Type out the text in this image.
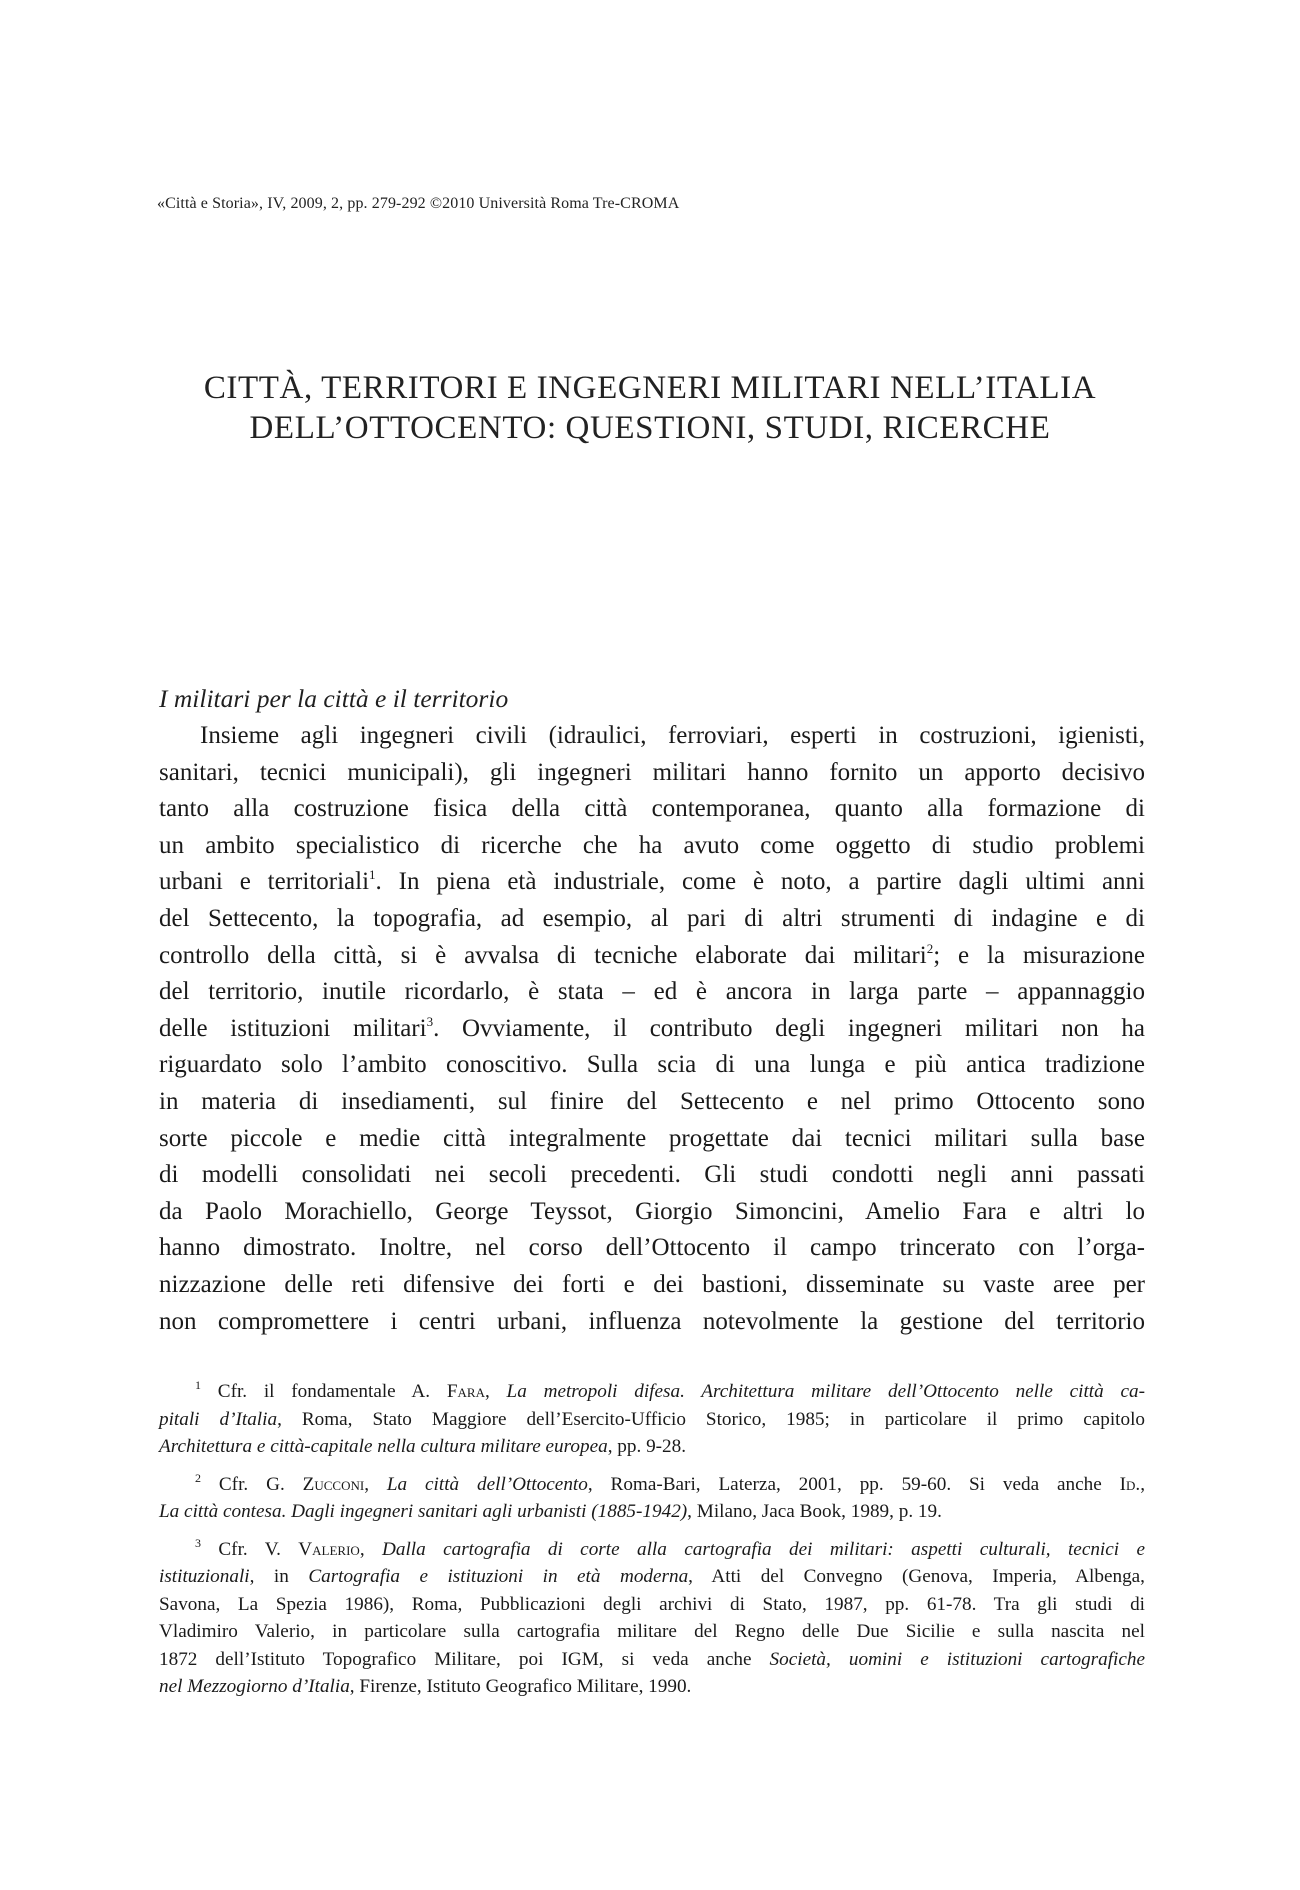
«Città e Storia», IV, 2009, 2, pp. 279-292 ©2010 Università Roma Tre-CROMA
CITTÀ, TERRITORI E INGEGNERI MILITARI NELL’ITALIA
DELL’OTTOCENTO: QUESTIONI, STUDI, RICERCHE
I militari per la città e il territorio
Insieme agli ingegneri civili (idraulici, ferroviari, esperti in costruzioni, igienisti,
sanitari, tecnici municipali), gli ingegneri militari hanno fornito un apporto decisivo
tanto alla costruzione fisica della città contemporanea, quanto alla formazione di
un ambito specialistico di ricerche che ha avuto come oggetto di studio problemi
urbani e territoriali$^1$. In piena età industriale, come è noto, a partire dagli ultimi anni
del Settecento, la topografia, ad esempio, al pari di altri strumenti di indagine e di
controllo della città, si è avvalsa di tecniche elaborate dai militari$^2$; e la misurazione
del territorio, inutile ricordarlo, è stata – ed è ancora in larga parte – appannaggio
delle istituzioni militari$^3$. Ovviamente, il contributo degli ingegneri militari non ha
riguardato solo l’ambito conoscitivo. Sulla scia di una lunga e più antica tradizione
in materia di insediamenti, sul finire del Settecento e nel primo Ottocento sono
sorte piccole e medie città integralmente progettate dai tecnici militari sulla base
di modelli consolidati nei secoli precedenti. Gli studi condotti negli anni passati
da Paolo Morachiello, George Teyssot, Giorgio Simoncini, Amelio Fara e altri lo
hanno dimostrato. Inoltre, nel corso dell’Ottocento il campo trincerato con l’orga-
nizzazione delle reti difensive dei forti e dei bastioni, disseminate su vaste aree per
non compromettere i centri urbani, influenza notevolmente la gestione del territorio
$^1$ Cfr. il fondamentale A. Fara, La metropoli difesa. Architettura militare dell’Ottocento nelle città ca-
pitali d’Italia, Roma, Stato Maggiore dell’Esercito-Ufficio Storico, 1985; in particolare il primo capitolo
Architettura e città-capitale nella cultura militare europea, pp. 9-28.
$^2$ Cfr. G. Zucconi, La città dell’Ottocento, Roma-Bari, Laterza, 2001, pp. 59-60. Si veda anche Id.,
La città contesa. Dagli ingegneri sanitari agli urbanisti (1885-1942), Milano, Jaca Book, 1989, p. 19.
$^3$ Cfr. V. Valerio, Dalla cartografia di corte alla cartografia dei militari: aspetti culturali, tecnici e
istituzionali, in Cartografia e istituzioni in età moderna, Atti del Convegno (Genova, Imperia, Albenga,
Savona, La Spezia 1986), Roma, Pubblicazioni degli archivi di Stato, 1987, pp. 61-78. Tra gli studi di
Vladimiro Valerio, in particolare sulla cartografia militare del Regno delle Due Sicilie e sulla nascita nel
1872 dell’Istituto Topografico Militare, poi IGM, si veda anche Società, uomini e istituzioni cartografiche
nel Mezzogiorno d’Italia, Firenze, Istituto Geografico Militare, 1990.
